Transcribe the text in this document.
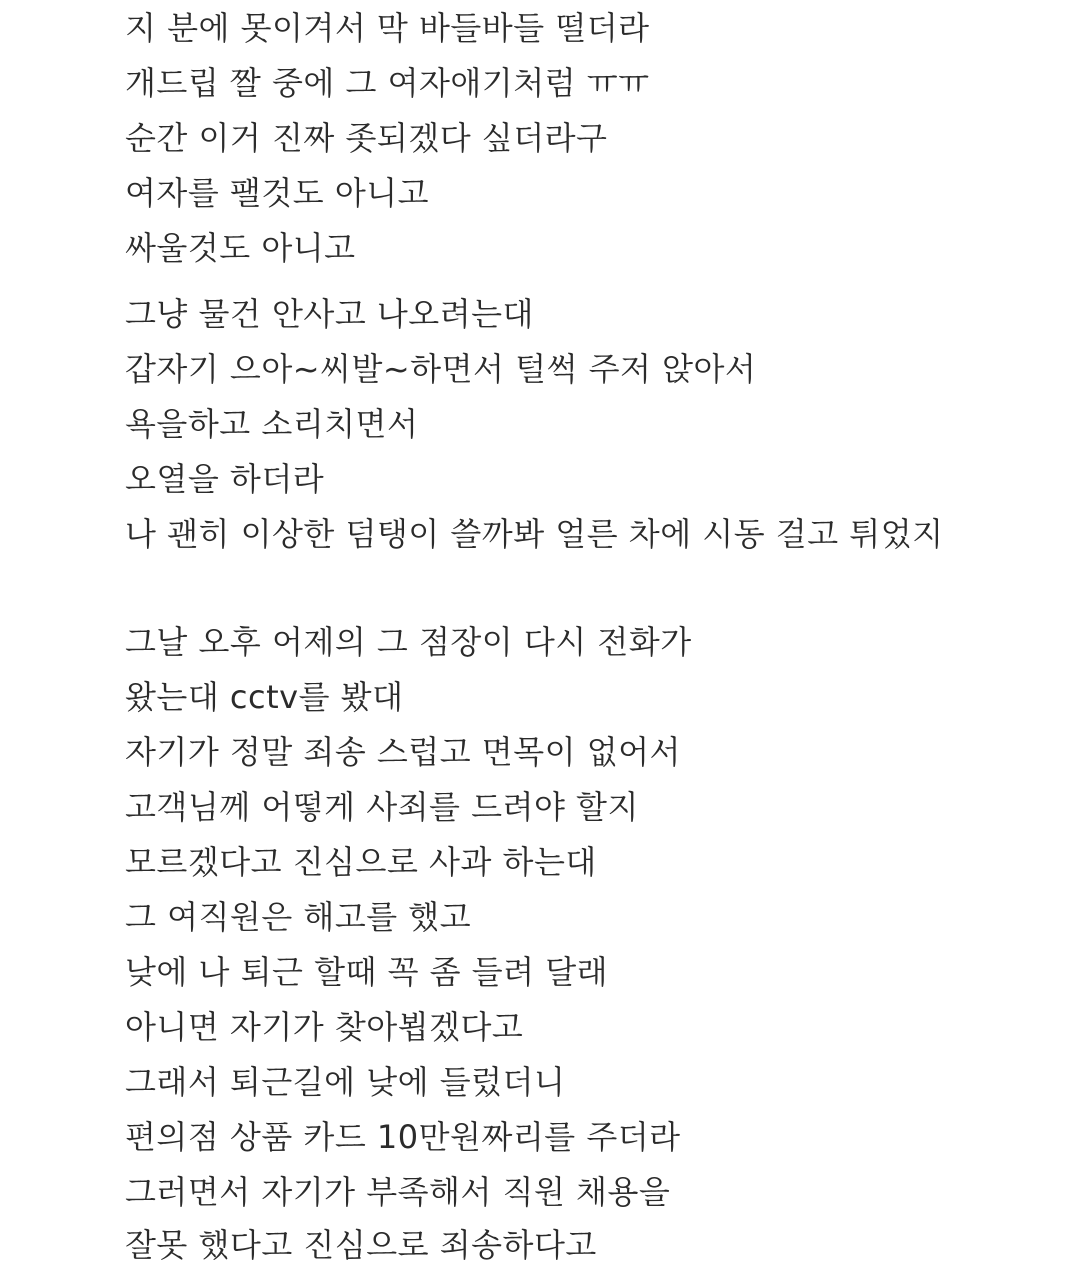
지 분에 못이겨서 막 바들바들 떨더라
개드립 짤 중에 그 여자애기처럼 ㅠㅠ
순간 이거 진짜 좃되겠다 싶더라구
여자를 팰것도 아니고
싸울것도 아니고
그냥 물건 안사고 나오려는대
갑자기 으아~씨발~하면서 털썩 주저 앉아서
욕을하고 소리치면서
오열을 하더라
나 괜히 이상한 덤탱이 쓸까봐 얼른 차에 시동 걸고 튀었지
그날 오후 어제의 그 점장이 다시 전화가
왔는대 cctv를 봤대
자기가 정말 죄송 스럽고 면목이 없어서
고객님께 어떻게 사죄를 드려야 할지
모르겠다고 진심으로 사과 하는대
그 여직원은 해고를 했고
낮에 나 퇴근 할때 꼭 좀 들려 달래
아니면 자기가 찾아뵙겠다고
그래서 퇴근길에 낮에 들렀더니
편의점 상품 카드 10만원짜리를 주더라
그러면서 자기가 부족해서 직원 채용을
잘못 했다고 진심으로 죄송하다고
